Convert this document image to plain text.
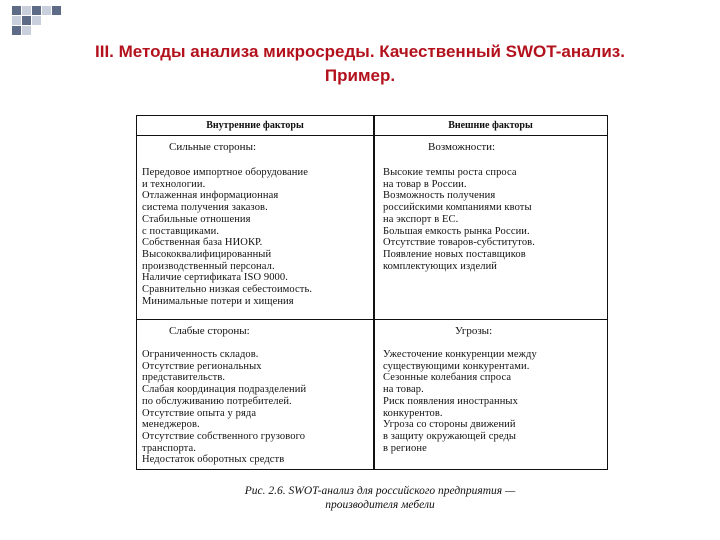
III. Методы анализа микросреды. Качественный SWOT-анализ.
Пример.
Внутренние факторы	Внешние факторы
Сильные стороны:

Передовое импортное оборудование

и технологии.

Отлаженная информационная

система получения заказов.

Стабильные отношения

с поставщиками.

Собственная база НИОКР.

Высококвалифицированный

производственный персонал.

Наличие сертификата ISO 9000.

Сравнительно низкая себестоимость.

Минимальные потери и хищения

Возможности:

Высокие темпы роста спроса

на товар в России.

Возможность получения

российскими компаниями квоты

на экспорт в ЕС.

Большая емкость рынка России.

Отсутствие товаров-субститутов.

Появление новых поставщиков

комплектующих изделий

Слабые стороны:

Ограниченность складов.

Отсутствие региональных

представительств.

Слабая координация подразделений

по обслуживанию потребителей.

Отсутствие опыта у ряда

менеджеров.

Отсутствие собственного грузового

транспорта.

Недостаток оборотных средств

Угрозы:

Ужесточение конкуренции между

существующими конкурентами.

Сезонные колебания спроса

на товар.

Риск появления иностранных

конкурентов.

Угроза со стороны движений

в защиту окружающей среды

в регионе

Рис. 2.6. SWOT-анализ для российского предприятия —
производителя мебели
